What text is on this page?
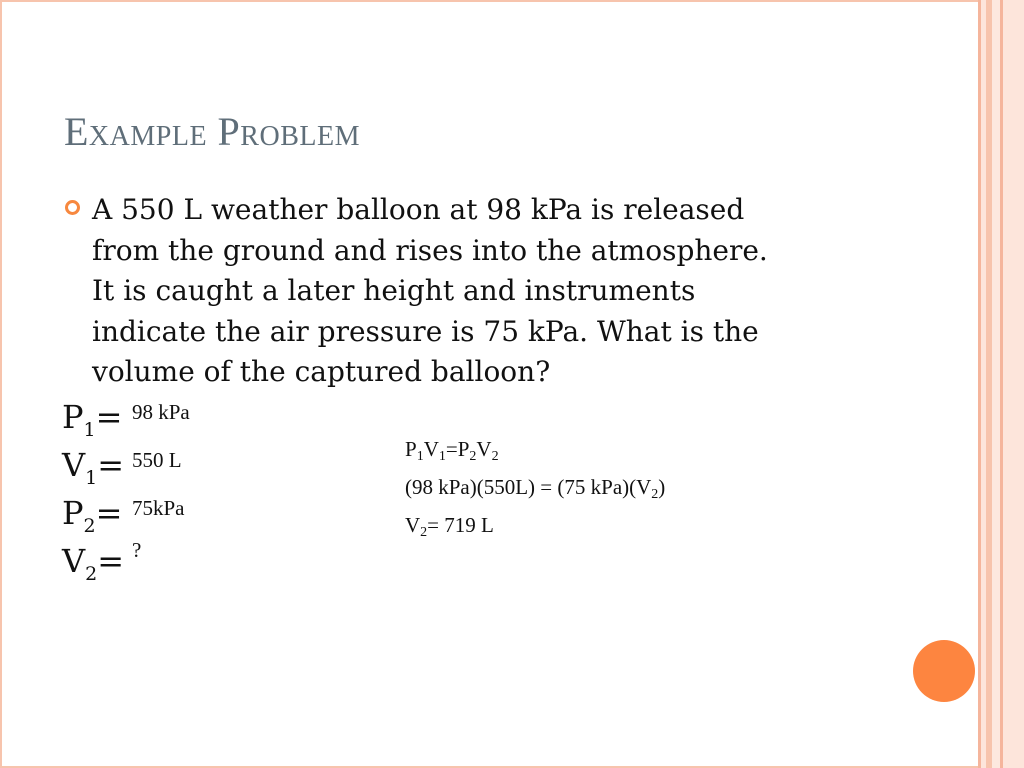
Example Problem
A 550 L weather balloon at 98 kPa is released
from the ground and rises into the atmosphere.
It is caught a later height and instruments
indicate the air pressure is 75 kPa. What is the
volume of the captured balloon?
$P_1= 98$ kPa
$V_1= 550$ L
$P_2= 75kPa$
$V_2=$ ?
$P_1V_1=P_2V_2$
(98 kPa)(550L) = (75 $kPa)(V_2)$
$V_2= 719$ L
